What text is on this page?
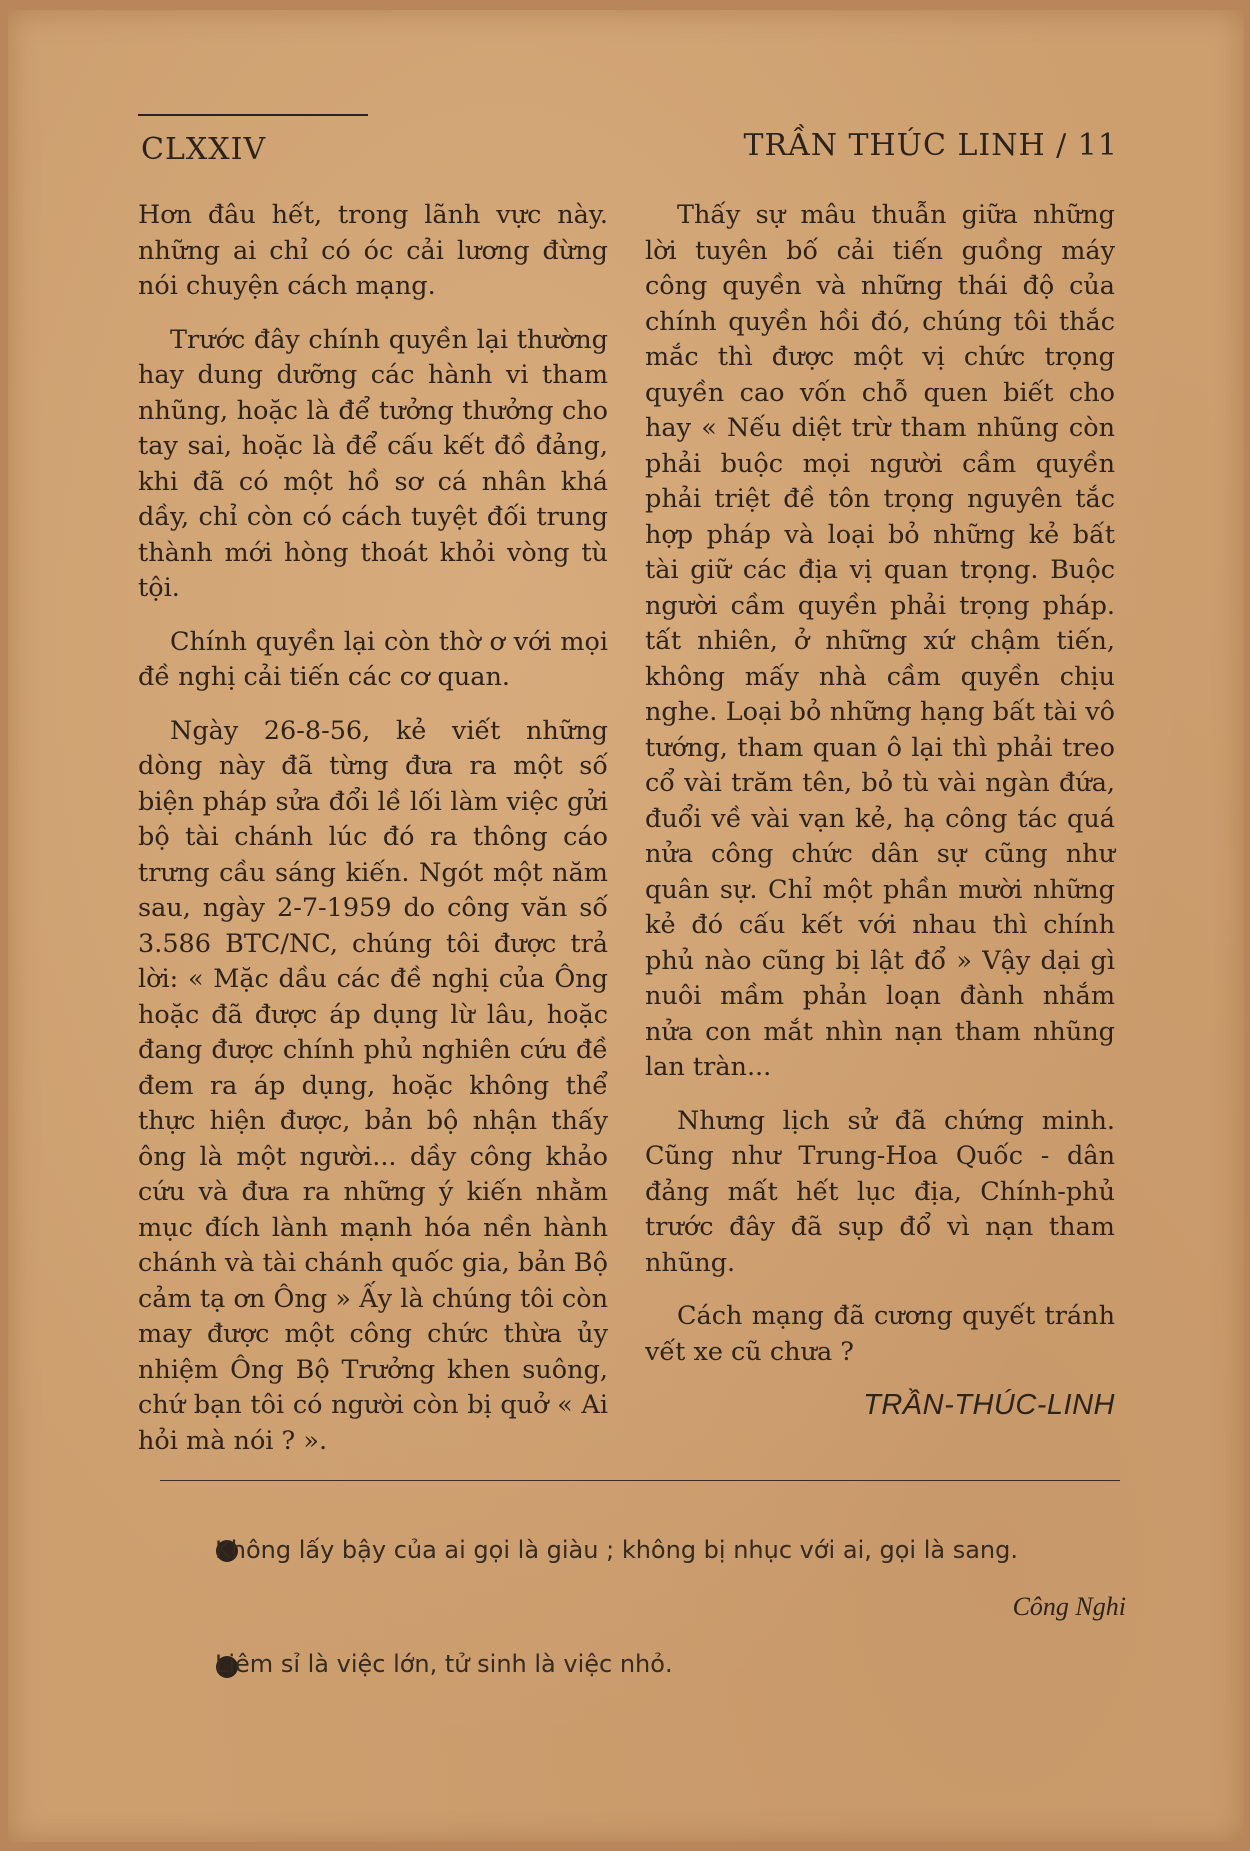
CLXXIV	TRẦN THÚC LINH / 11

Hơn đâu hết, trong lãnh vực này. những ai chỉ có óc cải lương đừng nói chuyện cách mạng.

Trước đây chính quyền lại thường hay dung dưỡng các hành vi tham nhũng, hoặc là để tưởng thưởng cho tay sai, hoặc là để cấu kết đồ đảng, khi đã có một hồ sơ cá nhân khá dầy, chỉ còn có cách tuyệt đối trung thành mới hòng thoát khỏi vòng tù tội.

Chính quyền lại còn thờ ơ với mọi đề nghị cải tiến các cơ quan.

Ngày 26-8-56, kẻ viết những dòng này đã từng đưa ra một số biện pháp sửa đổi lề lối làm việc gửi bộ tài chánh lúc đó ra thông cáo trưng cầu sáng kiến. Ngót một năm sau, ngày 2-7-1959 do công văn số 3.586 BTC/NC, chúng tôi được trả lời: « Mặc dầu các đề nghị của Ông hoặc đã được áp dụng lừ lâu, hoặc đang được chính phủ nghiên cứu đề đem ra áp dụng, hoặc không thể thực hiện được, bản bộ nhận thấy ông là một người... dầy công khảo cứu và đưa ra những ý kiến nhằm mục đích lành mạnh hóa nền hành chánh và tài chánh quốc gia, bản Bộ cảm tạ ơn Ông » Ấy là chúng tôi còn may được một công chức thừa ủy nhiệm Ông Bộ Trưởng khen suông, chứ bạn tôi có người còn bị quở « Ai hỏi mà nói ? ».

Thấy sự mâu thuẫn giữa những lời tuyên bố cải tiến guồng máy công quyền và những thái độ của chính quyền hồi đó, chúng tôi thắc mắc thì được một vị chức trọng quyền cao vốn chỗ quen biết cho hay « Nếu diệt trừ tham nhũng còn phải buộc mọi người cầm quyền phải triệt đề tôn trọng nguyên tắc hợp pháp và loại bỏ những kẻ bất tài giữ các địa vị quan trọng. Buộc người cầm quyền phải trọng pháp. tất nhiên, ở những xứ chậm tiến, không mấy nhà cầm quyền chịu nghe. Loại bỏ những hạng bất tài vô tướng, tham quan ô lại thì phải treo cổ vài trăm tên, bỏ tù vài ngàn đứa, đuổi về vài vạn kẻ, hạ công tác quá nửa công chức dân sự cũng như quân sự. Chỉ một phần mười những kẻ đó cấu kết với nhau thì chính phủ nào cũng bị lật đổ » Vậy dại gì nuôi mầm phản loạn đành nhắm nửa con mắt nhìn nạn tham nhũng lan tràn...

Nhưng lịch sử đã chứng minh. Cũng như Trung-Hoa Quốc - dân đảng mất hết lục địa, Chính-phủ trước đây đã sụp đổ vì nạn tham nhũng.

Cách mạng đã cương quyết tránh vết xe cũ chưa ?

TRẦN-THÚC-LINH
Không lấy bậy của ai gọi là giàu ; không bị nhục với ai, gọi là sang.
Công Nghi
Liêm sỉ là việc lớn, tử sinh là việc nhỏ.
